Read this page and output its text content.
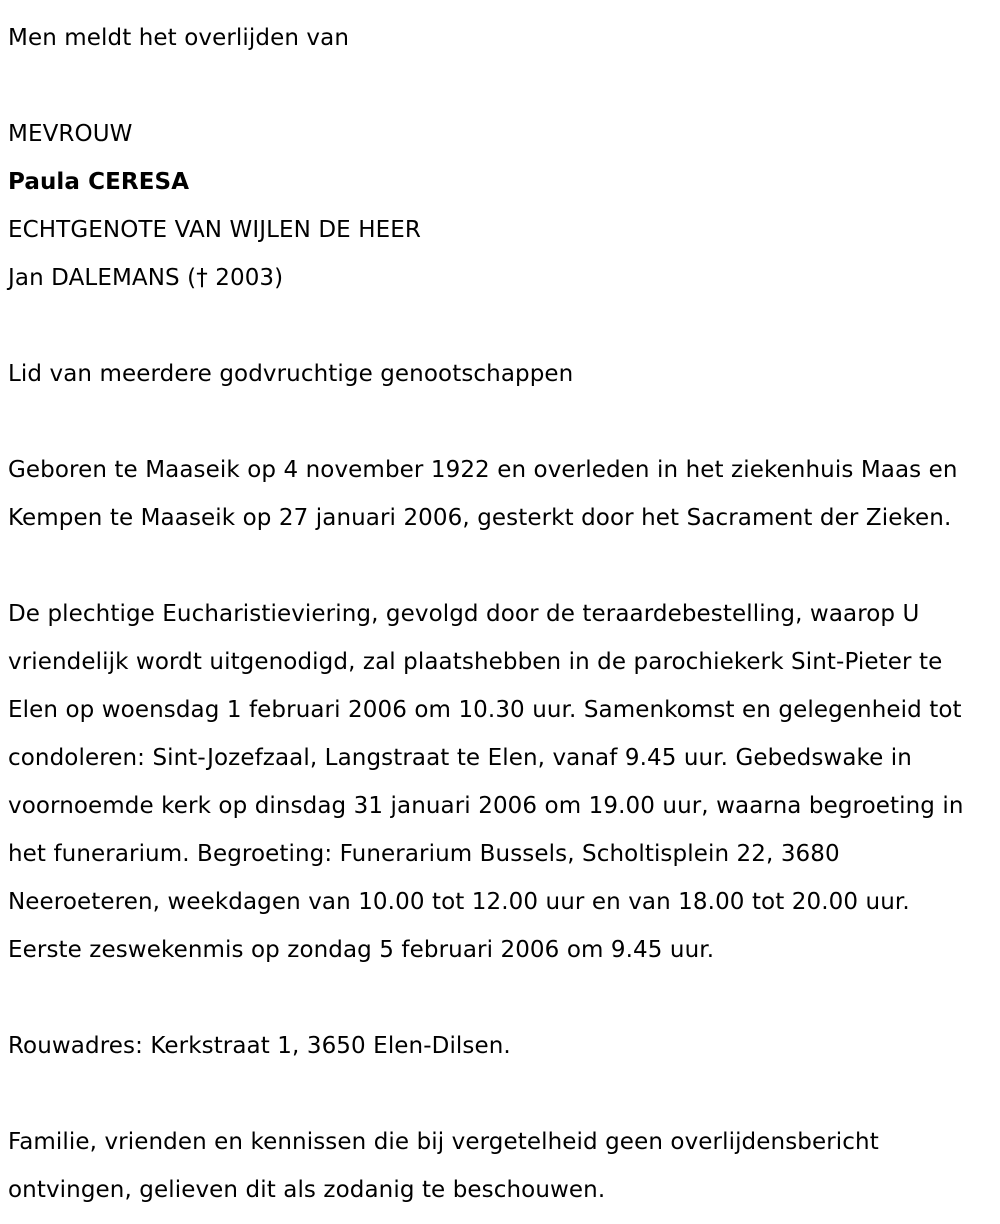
Men meldt het overlijden van
MEVROUW
Paula CERESA
ECHTGENOTE VAN WIJLEN DE HEER
Jan DALEMANS († 2003)
Lid van meerdere godvruchtige genootschappen

Geboren te Maaseik op 4 november 1922 en overleden in het ziekenhuis Maas en Kempen te Maaseik op 27 januari 2006, gesterkt door het Sacrament der Zieken.

De plechtige Eucharistieviering, gevolgd door de teraardebestelling, waarop U vriendelijk wordt uitgenodigd, zal plaatshebben in de parochiekerk Sint-Pieter te Elen op woensdag 1 februari 2006 om 10.30 uur. Samenkomst en gelegenheid tot condoleren: Sint-Jozefzaal, Langstraat te Elen, vanaf 9.45 uur. Gebedswake in voornoemde kerk op dinsdag 31 januari 2006 om 19.00 uur, waarna begroeting in het funerarium. Begroeting: Funerarium Bussels, Scholtisplein 22, 3680 Neeroeteren, weekdagen van 10.00 tot 12.00 uur en van 18.00 tot 20.00 uur. Eerste zeswekenmis op zondag 5 februari 2006 om 9.45 uur.

Rouwadres: Kerkstraat 1, 3650 Elen-Dilsen.

Familie, vrienden en kennissen die bij vergetelheid geen overlijdensbericht ontvingen, gelieven dit als zodanig te beschouwen.
